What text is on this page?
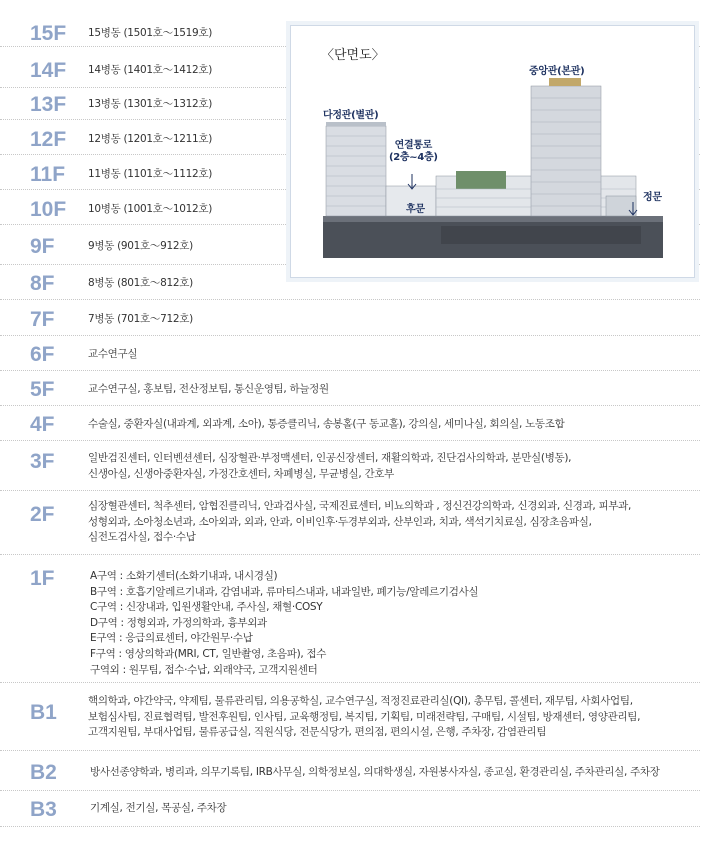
15F 15병동 (1501호～1519호)
14F 14병동 (1401호～1412호)
13F 13병동 (1301호～1312호)
12F 12병동 (1201호～1211호)
11F 11병동 (1101호～1112호)
10F 10병동 (1001호～1012호)
9F	9병동 (901호～912호)
8F	8병동 (801호～812호)
7F	7병동 (701호～712호)
6F	교수연구실
5F	교수연구실, 홍보팀, 전산정보팀, 통신운영팀, 하늘정원
4F	수술실, 중환자실(내과계, 외과계, 소아), 통증클리닉, 송봉홀(구 동교홀), 강의실, 세미나실, 회의실, 노동조합
3F	일반검진센터, 인터벤션센터, 심장혈관·부정맥센터, 인공신장센터, 재활의학과, 진단검사의학과, 분만실(병동),
신생아실, 신생아중환자실, 가정간호센터, 차폐병실, 무균병실, 간호부
2F	심장혈관센터, 척추센터, 암협진클리닉, 안과검사실, 국제진료센터, 비뇨의학과 , 정신건강의학과, 신경외과, 신경과, 피부과,
성형외과, 소아청소년과, 소아외과, 외과, 안과, 이비인후·두경부외과, 산부인과, 치과, 색석기치료실, 심장초음파실,
심전도검사실, 접수·수납
1F	A구역 : 소화기센터(소화기내과, 내시경실)
B구역 : 호흡기알레르기내과, 감염내과, 류마티스내과, 내과일반, 폐기능/알레르기검사실
C구역 : 신장내과, 입원생활안내, 주사실, 채혈·COSY
D구역 : 정형외과, 가정의학과, 흉부외과
E구역 : 응급의료센터, 야간원무·수납
F구역 : 영상의학과(MRI, CT, 일반촬영, 초음파), 접수
구역외 : 원무팀, 접수·수납, 외래약국, 고객지원센터
B1	핵의학과, 야간약국, 약제팀, 물류관리팀, 의용공학실, 교수연구실, 적정진료관리실(QI), 총무팀, 콜센터, 재무팀, 사회사업팀,
보험심사팀, 진료협력팀, 발전후원팀, 인사팀, 교육행정팀, 복지팀, 기획팀, 미래전략팀, 구매팀, 시설팀, 방재센터, 영양관리팀,
고객지원팀, 부대사업팀, 물류공급실, 직원식당, 전문식당가, 편의점, 편의시설, 은행, 주차장, 감염관리팀
B2	방사선종양학과, 병리과, 의무기록팀, IRB사무실, 의학정보실, 의대학생실, 자원봉사자실, 종교실, 환경관리실, 주차관리실, 주차장
B3	기계실, 전기실, 목공실, 주차장
〈단면도〉
중앙관(본관)
다정관(별관)
연결통로
(2층~4층)
후문
정문
